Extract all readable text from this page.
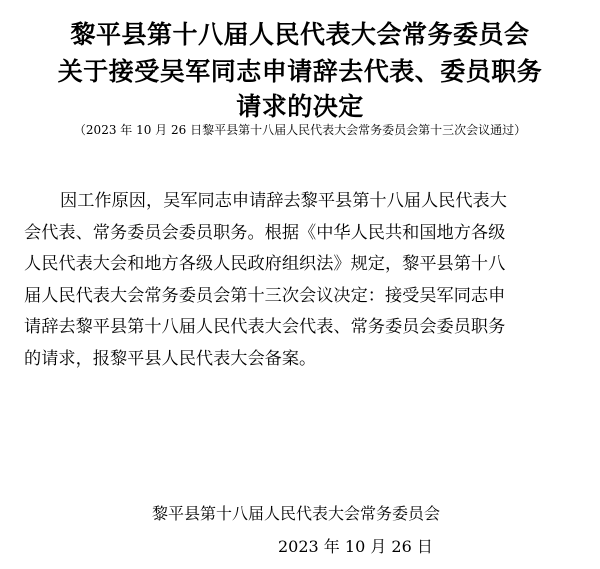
黎平县第十八届人民代表大会常务委员会
关于接受吴军同志申请辞去代表、委员职务
请求的决定
（2023 年 10 月 26 日黎平县第十八届人民代表大会常务委员会第十三次会议通过）
因工作原因，吴军同志申请辞去黎平县第十八届人民代表大
会代表、常务委员会委员职务。根据《中华人民共和国地方各级
人民代表大会和地方各级人民政府组织法》规定，黎平县第十八
届人民代表大会常务委员会第十三次会议决定：接受吴军同志申
请辞去黎平县第十八届人民代表大会代表、常务委员会委员职务
的请求，报黎平县人民代表大会备案。
黎平县第十八届人民代表大会常务委员会
2023 年 10 月 26 日
